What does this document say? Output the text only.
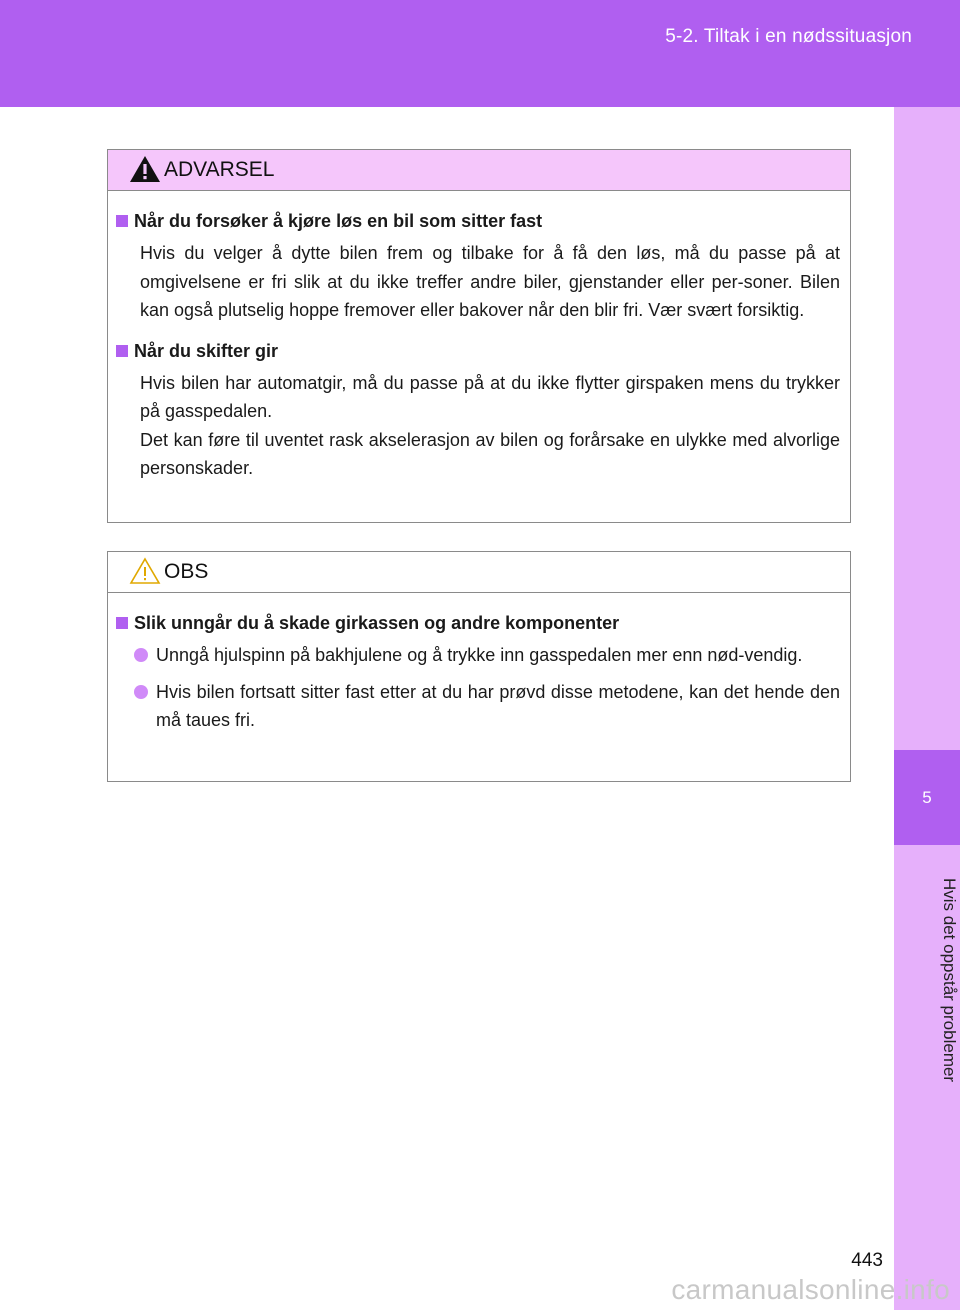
5-2. Tiltak i en nødssituasjon
5
Hvis det oppstår problemer
ADVARSEL
Når du forsøker å kjøre løs en bil som sitter fast
Hvis du velger å dytte bilen frem og tilbake for å få den løs, må du passe på at omgivelsene er fri slik at du ikke treffer andre biler, gjenstander eller per-soner. Bilen kan også plutselig hoppe fremover eller bakover når den blir fri. Vær svært forsiktig.
Når du skifter gir
Hvis bilen har automatgir, må du passe på at du ikke flytter girspaken mens du trykker på gasspedalen.
Det kan føre til uventet rask akselerasjon av bilen og forårsake en ulykke med alvorlige personskader.
OBS
Slik unngår du å skade girkassen og andre komponenter
Unngå hjulspinn på bakhjulene og å trykke inn gasspedalen mer enn nød-vendig.
Hvis bilen fortsatt sitter fast etter at du har prøvd disse metodene, kan det hende den må taues fri.
443
carmanualsonline.info
